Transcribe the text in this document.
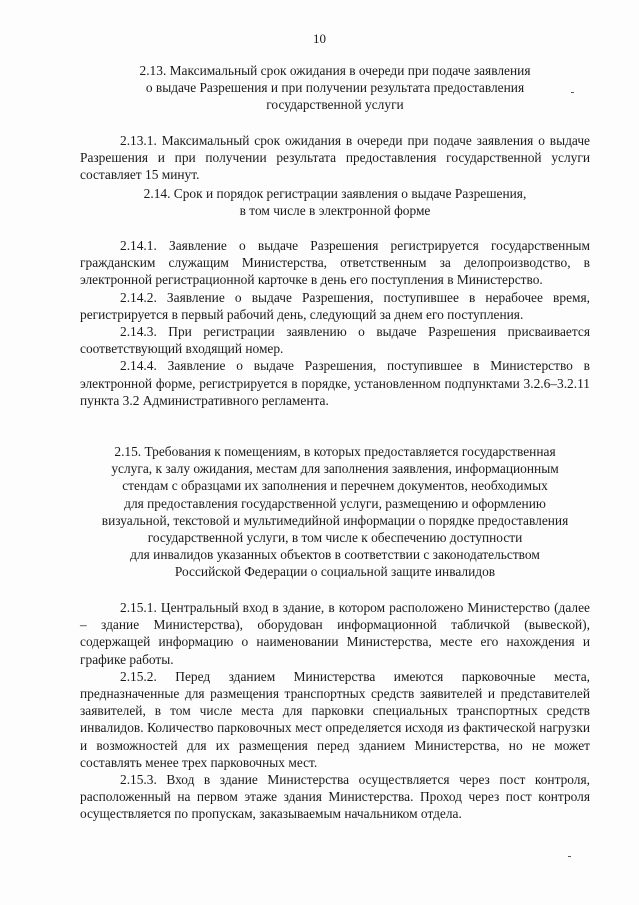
10
2.13. Максимальный срок ожидания в очереди при подаче заявления
о выдаче Разрешения и при получении результата предоставления
государственной услуги

2.13.1. Максимальный срок ожидания в очереди при подаче заявления о выдаче Разрешения и при получении результата предоставления государственной услуги составляет 15 минут.

2.14. Срок и порядок регистрации заявления о выдаче Разрешения,
в том числе в электронной форме

2.14.1. Заявление о выдаче Разрешения регистрируется государственным гражданским служащим Министерства, ответственным за делопроизводство, в электронной регистрационной карточке в день его поступления в Министерство.

2.14.2. Заявление о выдаче Разрешения, поступившее в нерабочее время, регистрируется в первый рабочий день, следующий за днем его поступления.

2.14.3. При регистрации заявлению о выдаче Разрешения присваивается соответствующий входящий номер.

2.14.4. Заявление о выдаче Разрешения, поступившее в Министерство в электронной форме, регистрируется в порядке, установленном подпунктами 3.2.6–3.2.11 пункта 3.2 Административного регламента.

2.15. Требования к помещениям, в которых предоставляется государственная
услуга, к залу ожидания, местам для заполнения заявления, информационным
стендам с образцами их заполнения и перечнем документов, необходимых
для предоставления государственной услуги, размещению и оформлению
визуальной, текстовой и мультимедийной информации о порядке предоставления
государственной услуги, в том числе к обеспечению доступности
для инвалидов указанных объектов в соответствии с законодательством
Российской Федерации о социальной защите инвалидов

2.15.1. Центральный вход в здание, в котором расположено Министерство (далее – здание Министерства), оборудован информационной табличкой (вывеской), содержащей информацию о наименовании Министерства, месте его нахождения и графике работы.

2.15.2. Перед зданием Министерства имеются парковочные места, предназначенные для размещения транспортных средств заявителей и представителей заявителей, в том числе места для парковки специальных транспортных средств инвалидов. Количество парковочных мест определяется исходя из фактической нагрузки и возможностей для их размещения перед зданием Министерства, но не может составлять менее трех парковочных мест.

2.15.3. Вход в здание Министерства осуществляется через пост контроля, расположенный на первом этаже здания Министерства. Проход через пост контроля осуществляется по пропускам, заказываемым начальником отдела.
